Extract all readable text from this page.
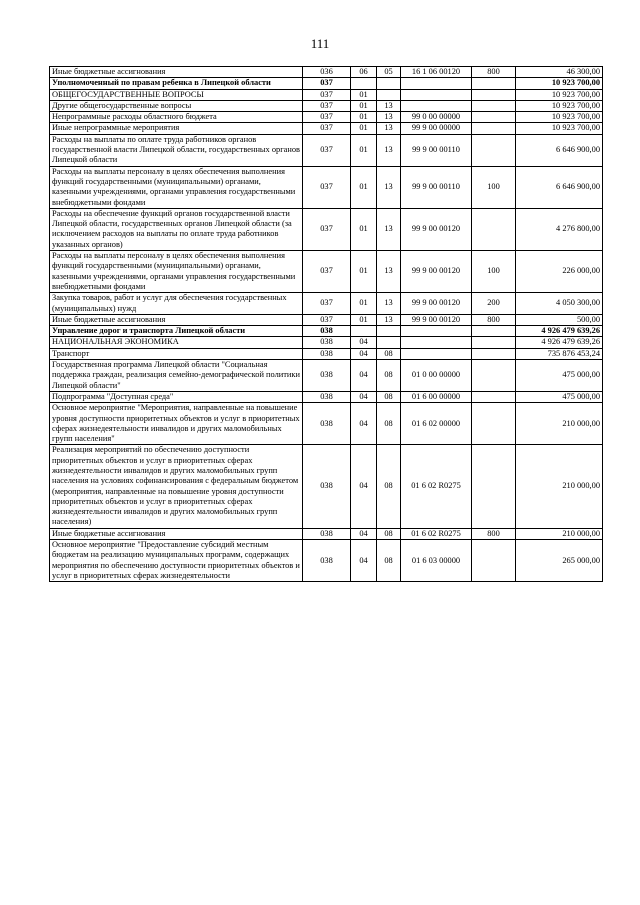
111
Иные бюджетные ассигнования	036	06	05	16 1 06 00120	800	46 300,00
Уполномоченный по правам ребенка в Липецкой области	037					10 923 700,00
ОБЩЕГОСУДАРСТВЕННЫЕ ВОПРОСЫ	037	01				10 923 700,00
Другие общегосударственные вопросы	037	01	13			10 923 700,00
Непрограммные расходы областного бюджета	037	01	13	99 0 00 00000		10 923 700,00
Иные непрограммные мероприятия	037	01	13	99 9 00 00000		10 923 700,00
Расходы на выплаты по оплате труда работников органов государственной власти Липецкой области, государственных органов Липецкой области	037	01	13	99 9 00 00110		6 646 900,00
Расходы на выплаты персоналу в целях обеспечения выполнения функций государственными (муниципальными) органами, казенными учреждениями, органами управления государственными внебюджетными фондами	037	01	13	99 9 00 00110	100	6 646 900,00
Расходы на обеспечение функций органов государственной власти Липецкой области, государственных органов Липецкой области (за исключением расходов на выплаты по оплате труда работников указанных органов)	037	01	13	99 9 00 00120		4 276 800,00
Расходы на выплаты персоналу в целях обеспечения выполнения функций государственными (муниципальными) органами, казенными учреждениями, органами управления государственными внебюджетными фондами	037	01	13	99 9 00 00120	100	226 000,00
Закупка товаров, работ и услуг для обеспечения государственных (муниципальных) нужд	037	01	13	99 9 00 00120	200	4 050 300,00
Иные бюджетные ассигнования	037	01	13	99 9 00 00120	800	500,00
Управление дорог и транспорта Липецкой области	038					4 926 479 639,26
НАЦИОНАЛЬНАЯ ЭКОНОМИКА	038	04				4 926 479 639,26
Транспорт	038	04	08			735 876 453,24
Государственная программа Липецкой области "Социальная поддержка граждан, реализация семейно-демографической политики Липецкой области"	038	04	08	01 0 00 00000		475 000,00
Подпрограмма "Доступная среда"	038	04	08	01 6 00 00000		475 000,00
Основное мероприятие "Мероприятия, направленные на повышение уровня доступности приоритетных объектов и услуг в приоритетных сферах жизнедеятельности инвалидов и других маломобильных групп населения"	038	04	08	01 6 02 00000		210 000,00
Реализация мероприятий по обеспечению доступности приоритетных объектов и услуг в приоритетных сферах жизнедеятельности инвалидов и других маломобильных групп населения на условиях софинансирования с федеральным бюджетом (мероприятия, направленные на повышение уровня доступности приоритетных объектов и услуг в приоритетных сферах жизнедеятельности инвалидов и других маломобильных групп населения)	038	04	08	01 6 02 R0275		210 000,00
Иные бюджетные ассигнования	038	04	08	01 6 02 R0275	800	210 000,00
Основное мероприятие "Предоставление субсидий местным бюджетам на реализацию муниципальных программ, содержащих мероприятия по обеспечению доступности приоритетных объектов и услуг в приоритетных сферах жизнедеятельности	038	04	08	01 6 03 00000		265 000,00
